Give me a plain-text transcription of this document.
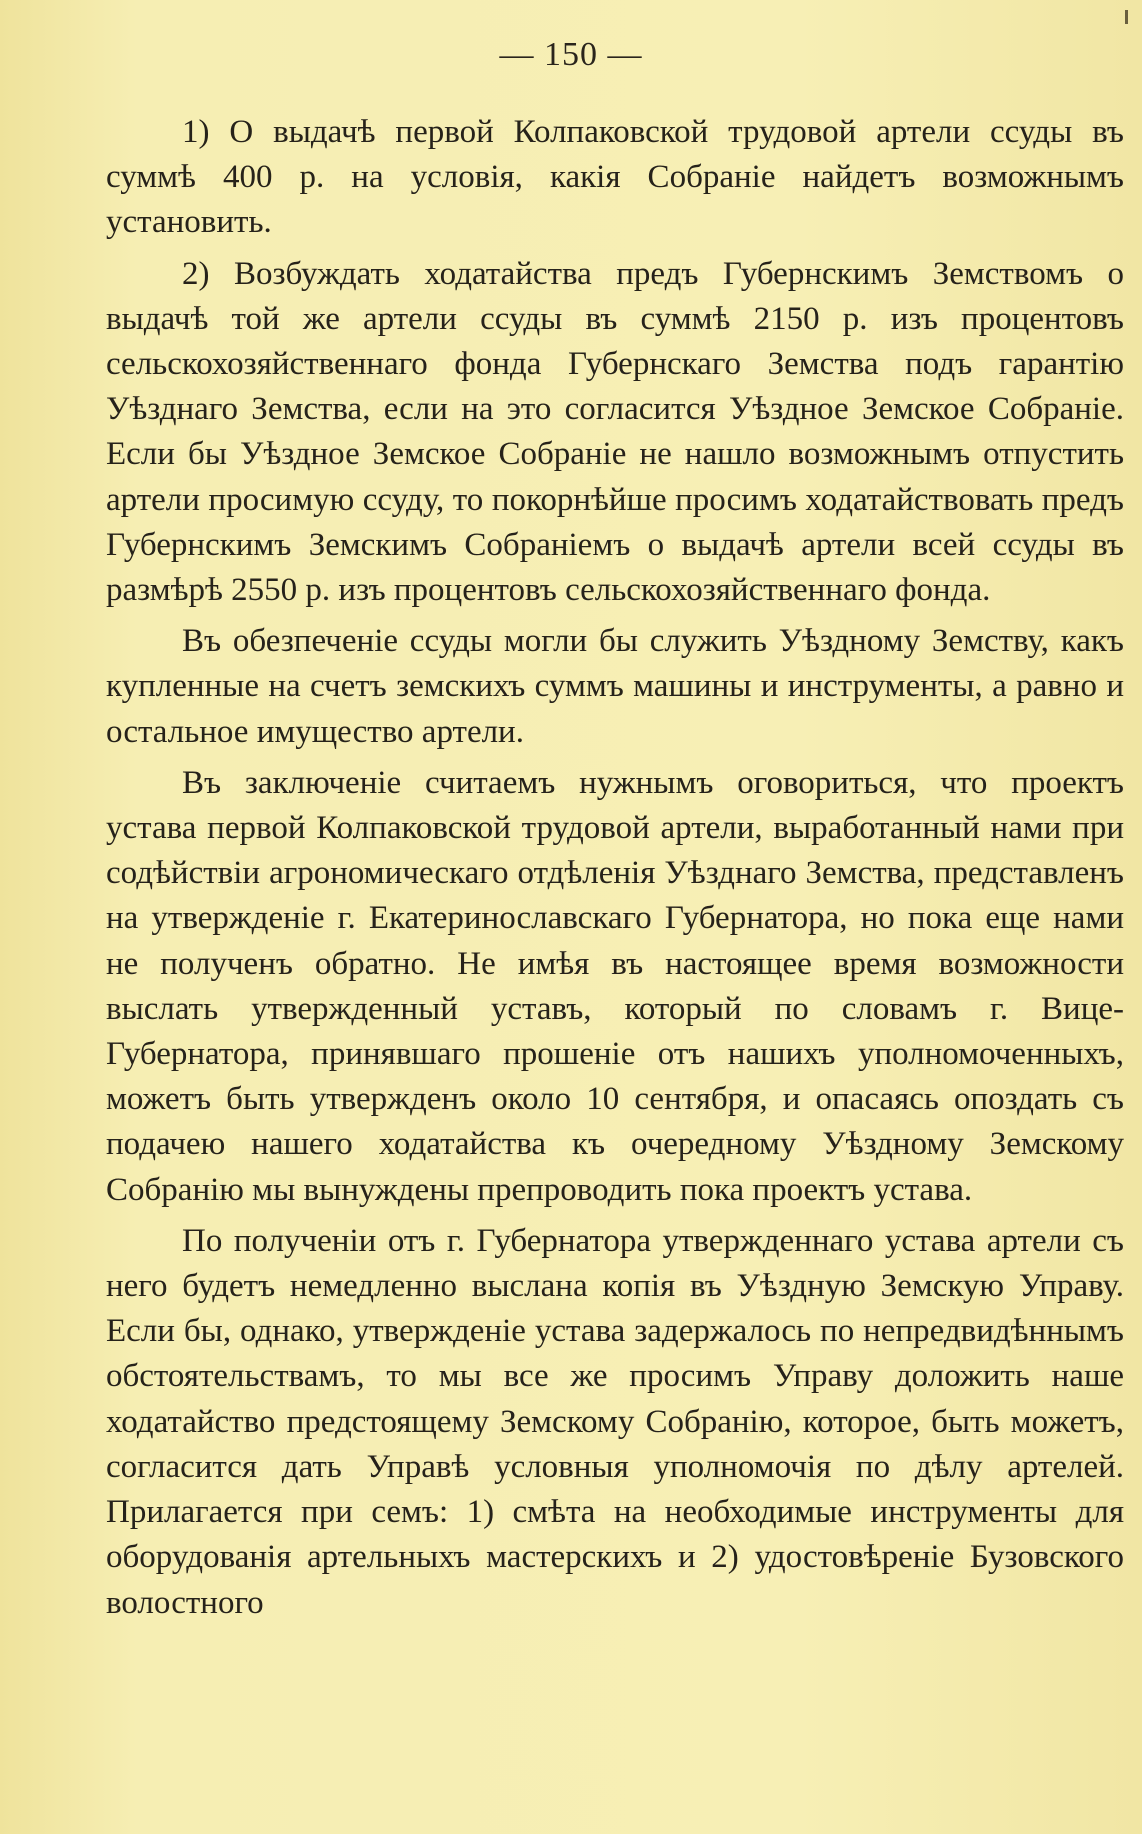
— 150 —

1) О выдачѣ первой Колпаковской трудовой артели ссуды въ суммѣ 400 р. на условія, какія Собраніе найдетъ возможнымъ установить.

2) Возбуждать ходатайства предъ Губернскимъ Земствомъ о выдачѣ той же артели ссуды въ суммѣ 2150 р. изъ процентовъ сельскохозяйственнаго фонда Губернскаго Земства подъ гарантію Уѣзднаго Земства, если на это согласится Уѣздное Земское Собраніе. Если бы Уѣздное Земское Собраніе не нашло возможнымъ отпустить артели просимую ссуду, то покорнѣйше просимъ ходатайствовать предъ Губернскимъ Земскимъ Собраніемъ о выдачѣ артели всей ссуды въ размѣрѣ 2550 р. изъ процентовъ сельскохозяйственнаго фонда.

Въ обезпеченіе ссуды могли бы служить Уѣздному Земству, какъ купленные на счетъ земскихъ суммъ машины и инструменты, а равно и остальное имущество артели.

Въ заключеніе считаемъ нужнымъ оговориться, что проектъ устава первой Колпаковской трудовой артели, выработанный нами при содѣйствіи агрономическаго отдѣленія Уѣзднаго Земства, представленъ на утвержденіе г. Екатеринославскаго Губернатора, но пока еще нами не полученъ обратно. Не имѣя въ настоящее время возможности выслать утвержденный уставъ, который по словамъ г. Вице-Губернатора, принявшаго прошеніе отъ нашихъ уполномоченныхъ, можетъ быть утвержденъ около 10 сентября, и опасаясь опоздать съ подачею нашего ходатайства къ очередному Уѣздному Земскому Собранію мы вынуждены препроводить пока проектъ устава.

По полученіи отъ г. Губернатора утвержденнаго устава артели съ него будетъ немедленно выслана копія въ Уѣздную Земскую Управу. Если бы, однако, утвержденіе устава задержалось по непредвидѣннымъ обстоятельствамъ, то мы все же просимъ Управу доложить наше ходатайство предстоящему Земскому Собранію, которое, быть можетъ, согласится дать Управѣ условныя уполномочія по дѣлу артелей. Прилагается при семъ: 1) смѣта на необходимые инструменты для оборудованія артельныхъ мастерскихъ и 2) удостовѣреніе Бузовского волостного
